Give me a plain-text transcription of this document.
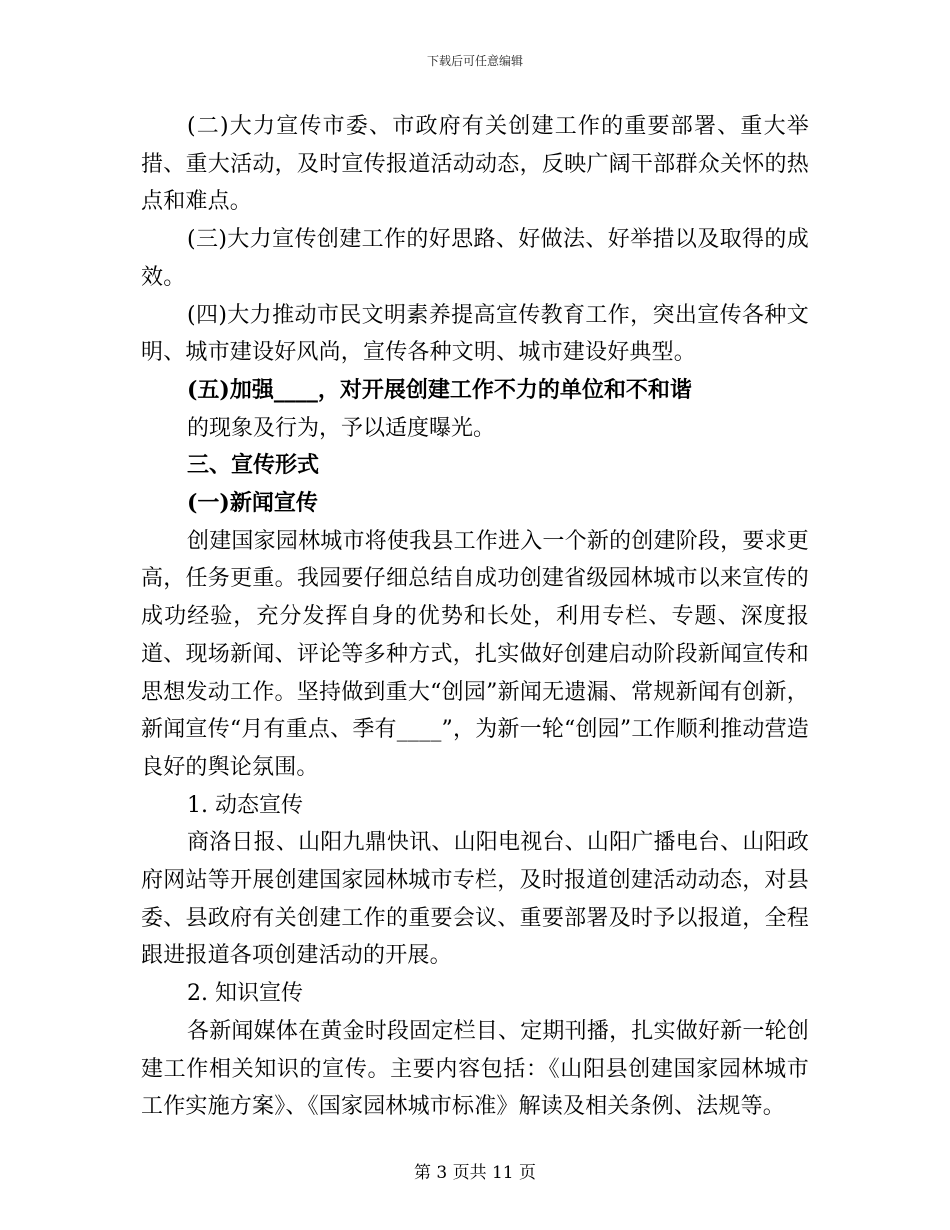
下载后可任意编辑

(二)大力宣传市委、市政府有关创建工作的重要部署、重大举措、重大活动，及时宣传报道活动动态，反映广阔干部群众关怀的热点和难点。

(三)大力宣传创建工作的好思路、好做法、好举措以及取得的成效。

(四)大力推动市民文明素养提高宣传教育工作，突出宣传各种文明、城市建设好风尚，宣传各种文明、城市建设好典型。

(五)加强____，对开展创建工作不力的单位和不和谐

的现象及行为，予以适度曝光。

三、宣传形式

(一)新闻宣传

创建国家园林城市将使我县工作进入一个新的创建阶段，要求更高，任务更重。我园要仔细总结自成功创建省级园林城市以来宣传的成功经验，充分发挥自身的优势和长处，利用专栏、专题、深度报道、现场新闻、评论等多种方式，扎实做好创建启动阶段新闻宣传和思想发动工作。坚持做到重大“创园”新闻无遗漏、常规新闻有创新，新闻宣传“月有重点、季有____”，为新一轮“创园”工作顺利推动营造良好的舆论氛围。

1. 动态宣传

商洛日报、山阳九鼎快讯、山阳电视台、山阳广播电台、山阳政府网站等开展创建国家园林城市专栏，及时报道创建活动动态，对县委、县政府有关创建工作的重要会议、重要部署及时予以报道，全程跟进报道各项创建活动的开展。

2. 知识宣传

各新闻媒体在黄金时段固定栏目、定期刊播，扎实做好新一轮创建工作相关知识的宣传。主要内容包括：《山阳县创建国家园林城市工作实施方案》、《国家园林城市标准》解读及相关条例、法规等。

第 3 页共 11 页
